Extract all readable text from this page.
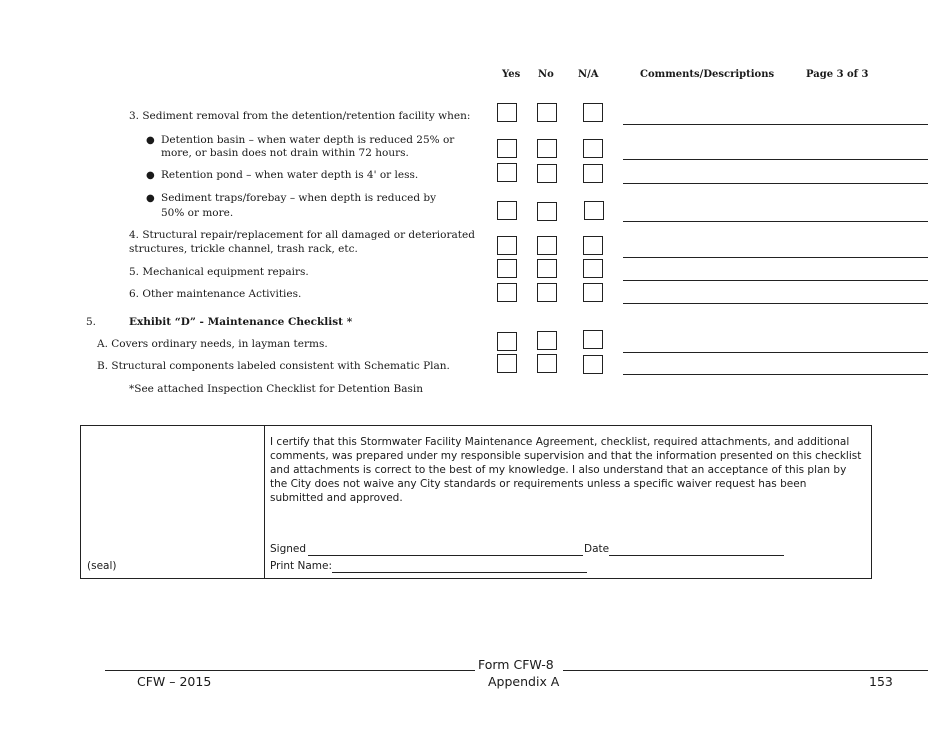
Yes No N/A	Comments/Descriptions	Page 3 of 3
3. Sediment removal from the detention/retention facility when:
● Detention basin – when water depth is reduced 25% or
more, or basin does not drain within 72 hours.
● Retention pond – when water depth is 4' or less.
● Sediment traps/forebay – when depth is reduced by
50% or more.
4. Structural repair/replacement for all damaged or deteriorated
structures, trickle channel, trash rack, etc.
5. Mechanical equipment repairs.
6. Other maintenance Activities.
5.	Exhibit “D” - Maintenance Checklist *
A. Covers ordinary needs, in layman terms.
B. Structural components labeled consistent with Schematic Plan.
*See attached Inspection Checklist for Detention Basin
(seal)
I certify that this Stormwater Facility Maintenance Agreement, checklist, required attachments, and additional comments, was prepared under my responsible supervision and that the information presented on this checklist and attachments is correct to the best of my knowledge. I also understand that an acceptance of this plan by the City does not waive any City standards or requirements unless a specific waiver request has been submitted and approved.
Signed	Date
Print Name:
Form CFW-8
CFW – 2015	Appendix A	153
